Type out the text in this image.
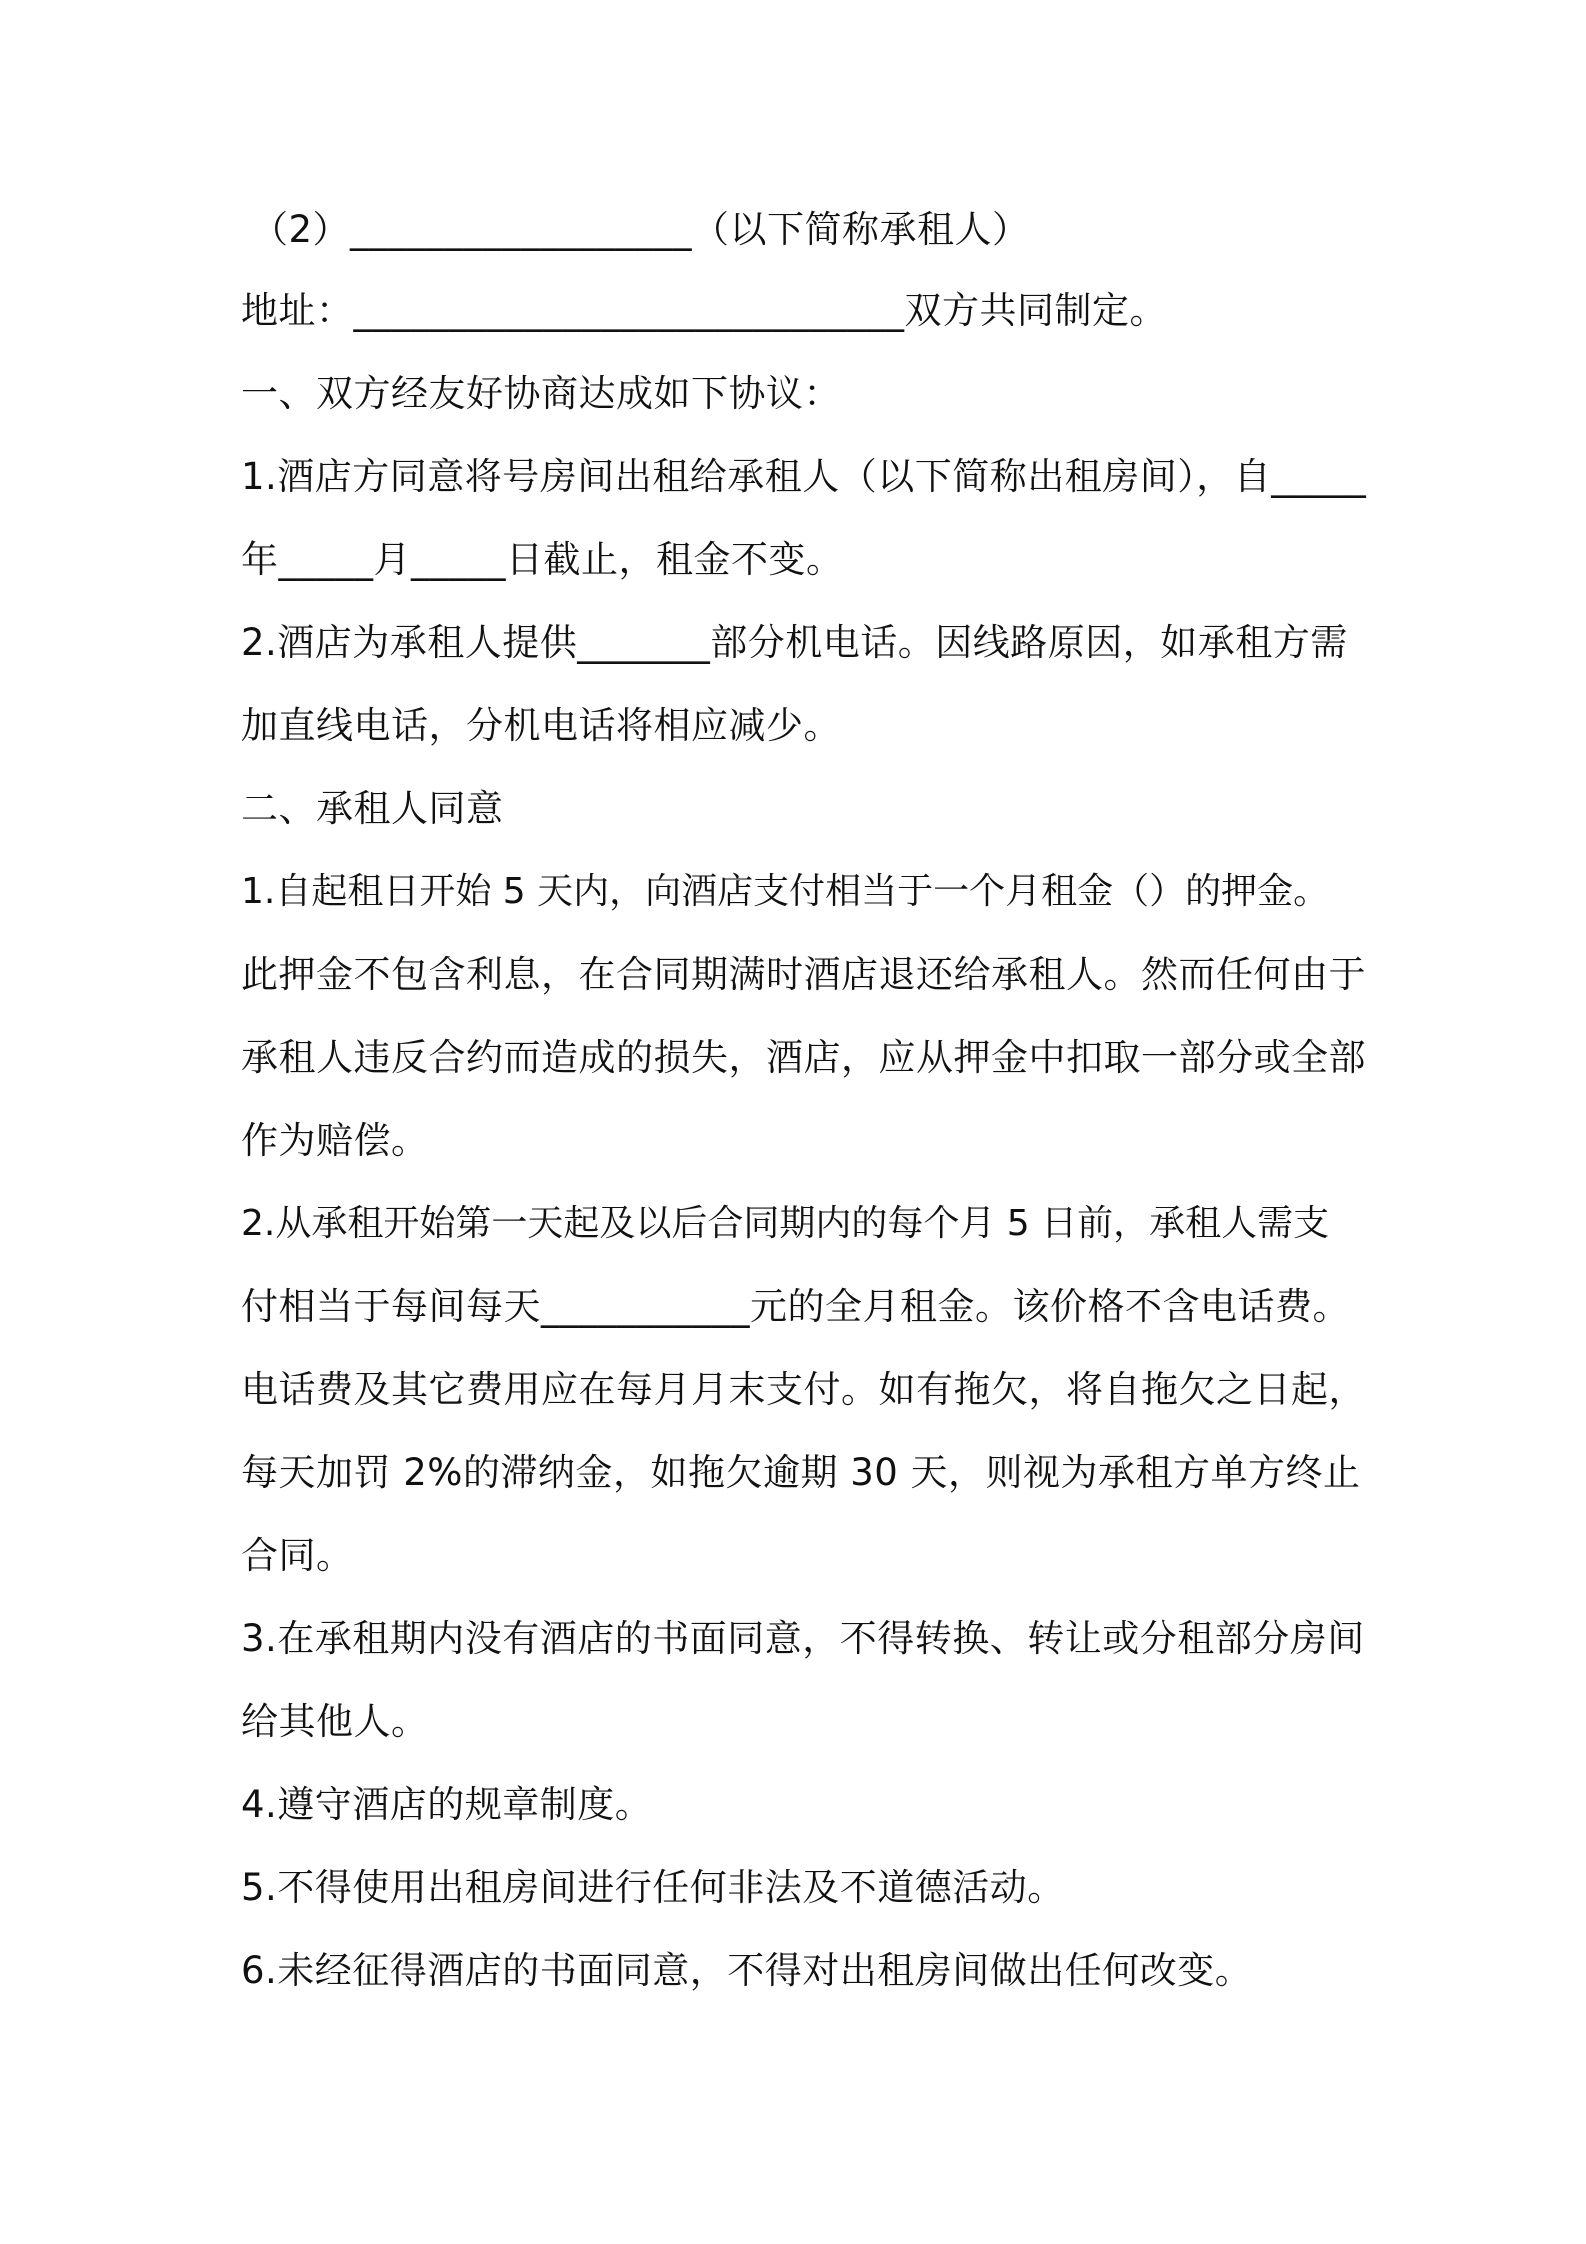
（2）__________________（以下简称承租人）
地址：_____________________________双方共同制定。
一、双方经友好协商达成如下协议：
1.酒店方同意将号房间出租给承租人（以下简称出租房间），自_____
年_____月_____日截止，租金不变。
2.酒店为承租人提供_______部分机电话。因线路原因，如承租方需
加直线电话，分机电话将相应减少。
二、承租人同意
1.自起租日开始 5 天内，向酒店支付相当于一个月租金（）的押金。
此押金不包含利息，在合同期满时酒店退还给承租人。然而任何由于
承租人违反合约而造成的损失，酒店，应从押金中扣取一部分或全部
作为赔偿。
2.从承租开始第一天起及以后合同期内的每个月 5 日前，承租人需支
付相当于每间每天___________元的全月租金。该价格不含电话费。
电话费及其它费用应在每月月末支付。如有拖欠，将自拖欠之日起，
每天加罚 2%的滞纳金，如拖欠逾期 30 天，则视为承租方单方终止
合同。
3.在承租期内没有酒店的书面同意，不得转换、转让或分租部分房间
给其他人。
4.遵守酒店的规章制度。
5.不得使用出租房间进行任何非法及不道德活动。
6.未经征得酒店的书面同意，不得对出租房间做出任何改变。
